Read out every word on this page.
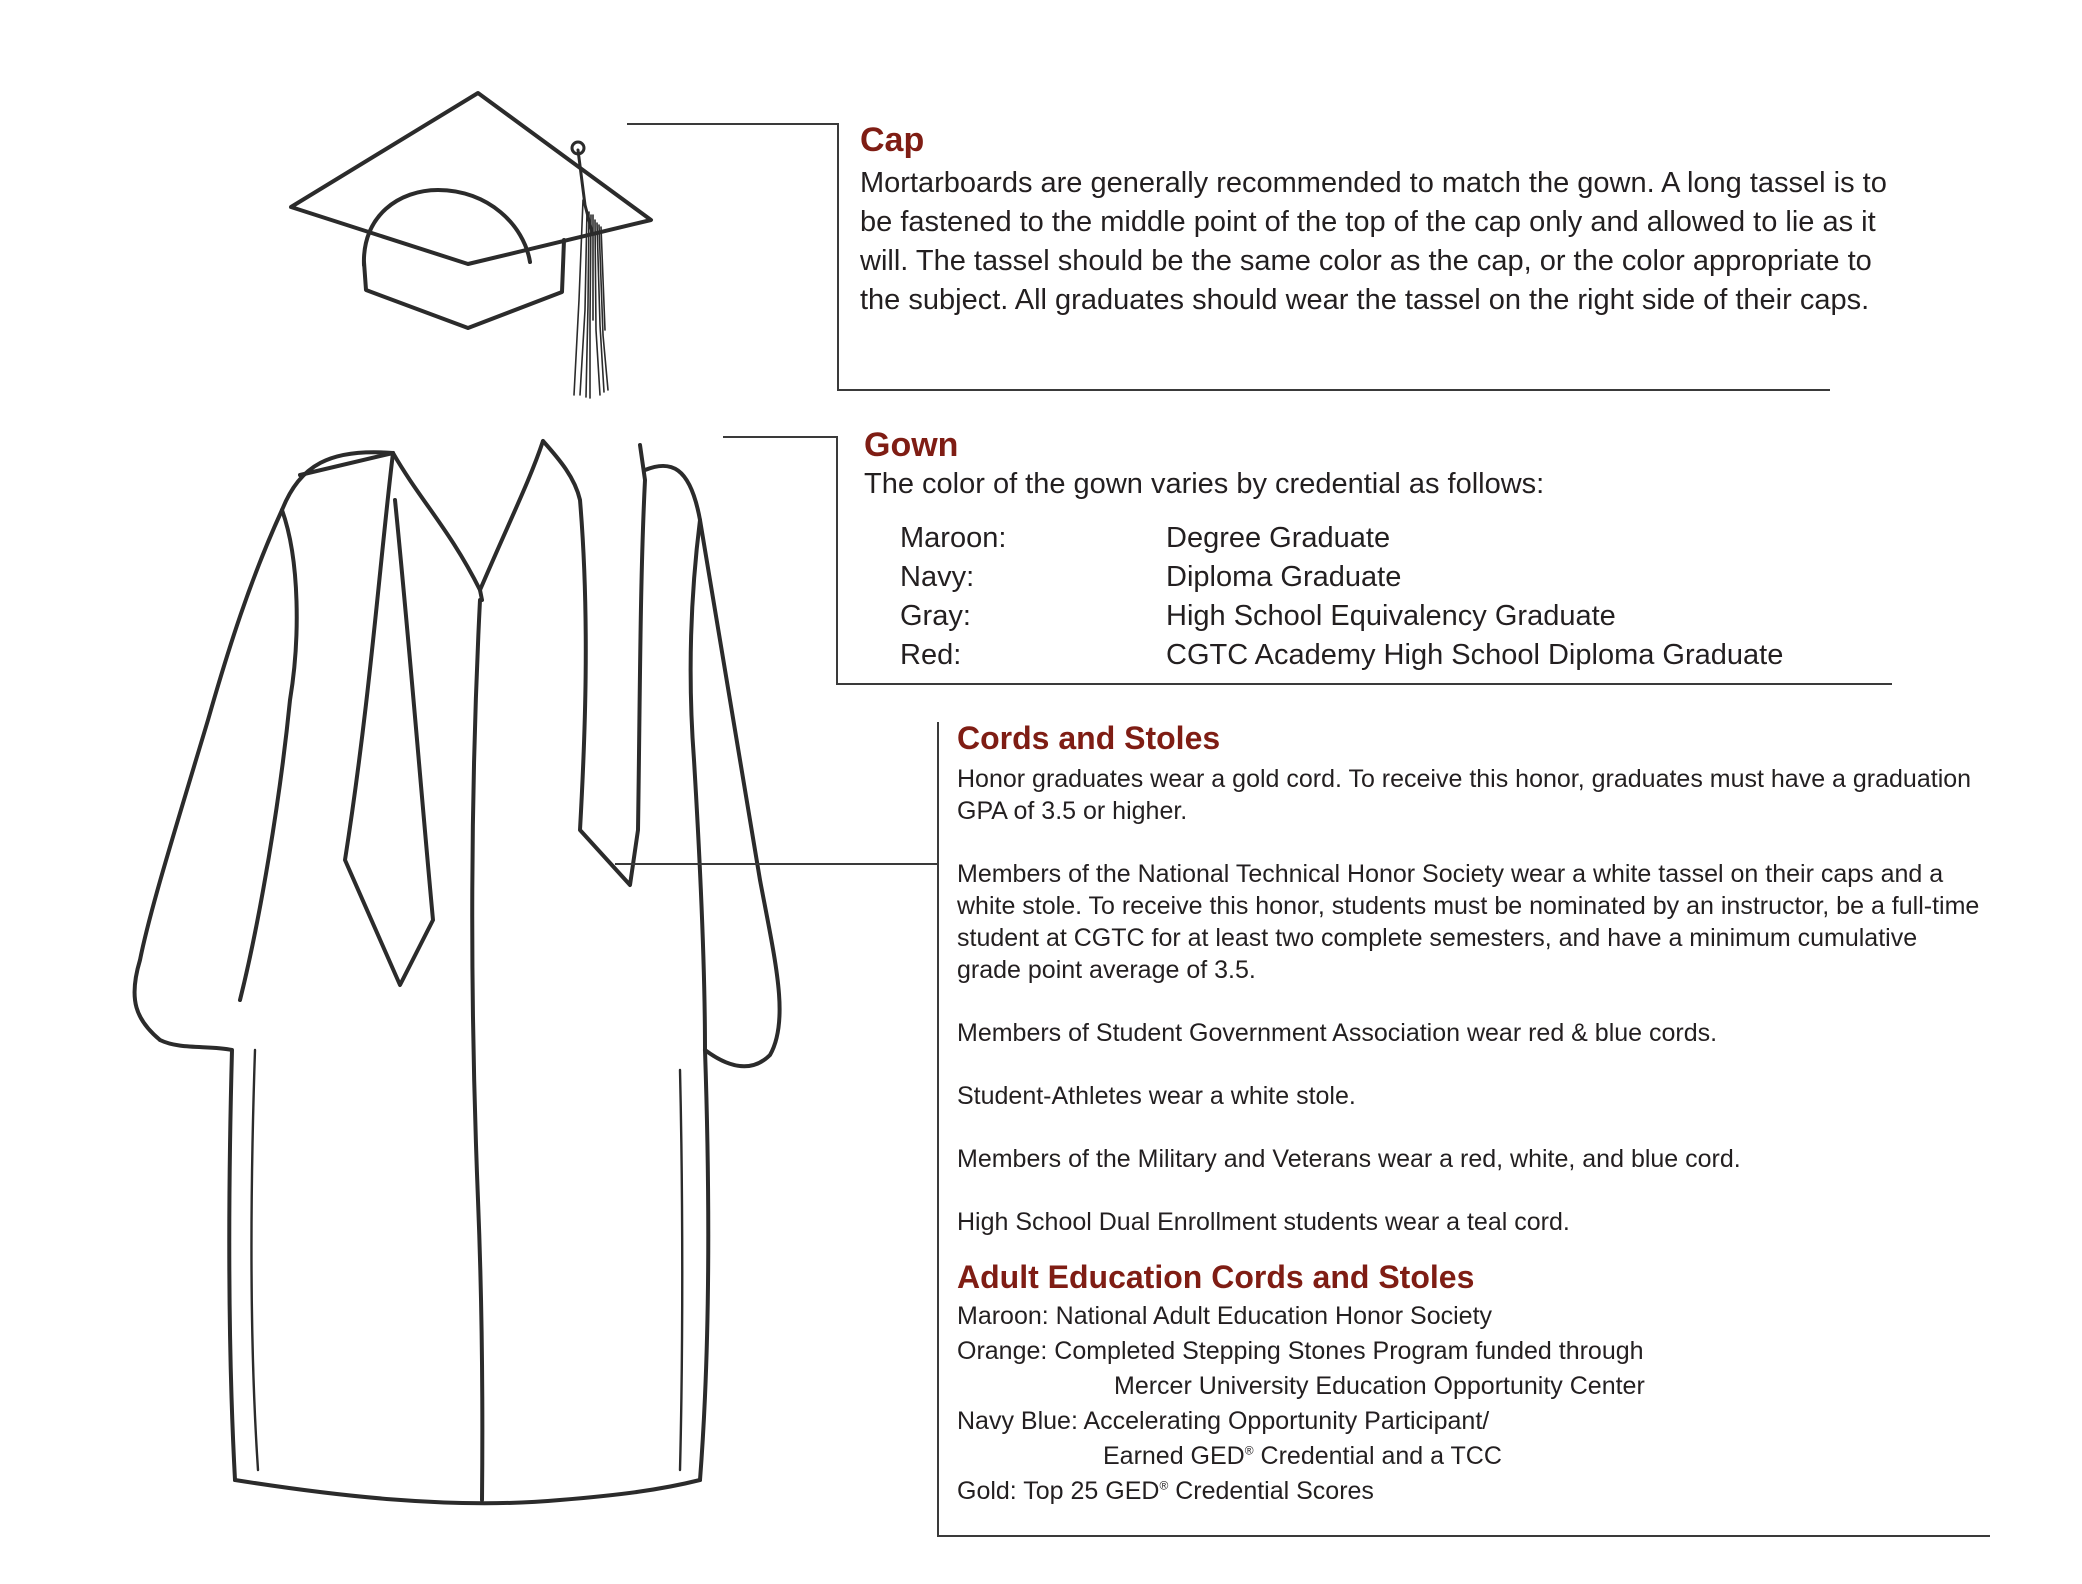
Cap

Mortarboards are generally recommended to match the gown. A long tassel is to be fastened to the middle point of the top of the cap only and allowed to lie as it will. The tassel should be the same color as the cap, or the color appropriate to the subject. All graduates should wear the tassel on the right side of their caps.

Gown

The color of the gown varies by credential as follows:

Maroon:	Degree Graduate
Navy:	Diploma Graduate
Gray:	High School Equivalency Graduate
Red:	CGTC Academy High School Diploma Graduate
Cords and Stoles

Honor graduates wear a gold cord. To receive this honor, graduates must have a graduation GPA of 3.5 or higher.

Members of the National Technical Honor Society wear a white tassel on their caps and a white stole. To receive this honor, students must be nominated by an instructor, be a full-time student at CGTC for at least two complete semesters, and have a minimum cumulative grade point average of 3.5.

Members of Student Government Association wear red & blue cords.

Student-Athletes wear a white stole.

Members of the Military and Veterans wear a red, white, and blue cord.

High School Dual Enrollment students wear a teal cord.

Adult Education Cords and Stoles
Maroon: National Adult Education Honor Society
Orange: Completed Stepping Stones Program funded through
Mercer University Education Opportunity Center
Navy Blue: Accelerating Opportunity Participant/
Earned GED® Credential and a TCC
Gold: Top 25 GED® Credential Scores
